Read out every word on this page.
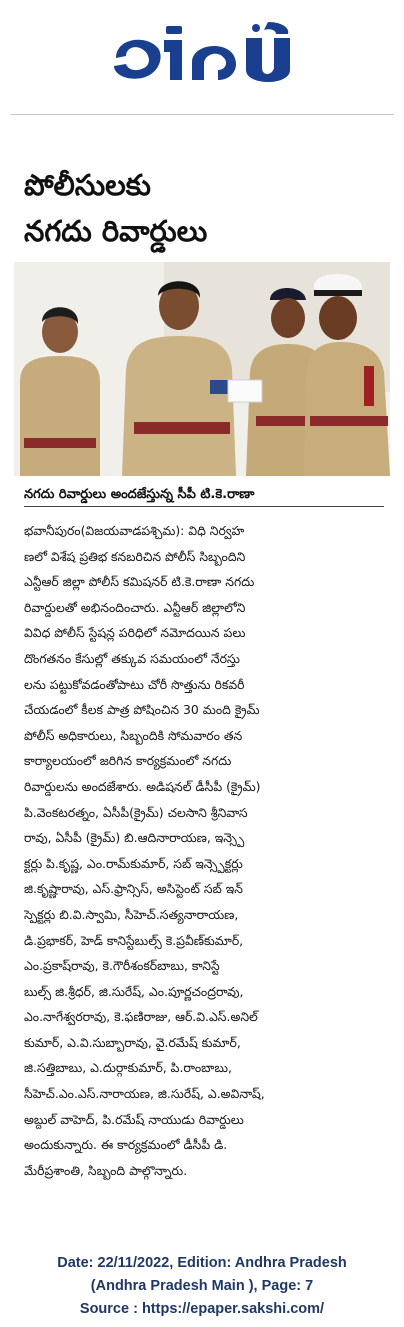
పోలీసులకు
నగదు రివార్డులు
నగదు రివార్డులు అందజేస్తున్న సీపీ టి.కె.రాణా
భవానీపురం(విజయవాడపశ్చిమ): విధి నిర్వహ
ణలో విశేష ప్రతిభ కనబరిచిన పోలీస్ సిబ్బందిని
ఎన్టీఆర్ జిల్లా పోలీస్ కమిషనర్ టి.కె.రాణా నగదు
రివార్డులతో అభినందించారు. ఎన్టీఆర్ జిల్లాలోని
వివిధ పోలీస్ స్టేషన్ల పరిధిలో నమోదయిన పలు
దొంగతనం కేసుల్లో తక్కువ సమయంలో నేరస్తు
లను పట్టుకోవడంతోపాటు చోరీ సొత్తును రికవరీ
చేయడంలో కీలక పాత్ర పోషించిన 30 మంది క్రైమ్
పోలీస్ అధికారులు, సిబ్బందికి సోమవారం తన
కార్యాలయంలో జరిగిన కార్యక్రమంలో నగదు
రివార్డులను అందజేశారు. అడిషనల్ డీసీపీ (క్రైమ్)
పి.వెంకటరత్నం, ఏసీపీ(క్రైమ్) చలసాని శ్రీనివాస
రావు, ఏసీపీ (క్రైమ్) బి.ఆదినారాయణ, ఇన్స్పె
క్టర్లు పి.కృష్ణ, ఎం.రామ్‌కుమార్, సబ్ ఇన్స్పెక్టర్లు
జి.కృష్ణారావు, ఎస్.ఫ్రాన్సిస్, అసిస్టెంట్ సబ్ ఇన్
స్పెక్టర్లు బి.వి.స్వామి, సీహెచ్.సత్యనారాయణ,
డి.ప్రభాకర్, హెడ్ కానిస్టేబుల్స్ కె.ప్రవీణ్‌కుమార్,
ఎం.ప్రకాష్‌రావు, కె.గౌరీశంకర్‌బాబు, కానిస్టే
బుల్స్ జి.శ్రీధర్, జి.సురేష్, ఎం.పూర్ణచంద్రరావు,
ఎం.నాగేశ్వరరావు, కె.ఫణిరాజు, ఆర్.వి.ఎస్.అనిల్
కుమార్, ఎ.వి.సుబ్బారావు, వై.రమేష్ కుమార్,
జి.సత్తిబాబు, ఎ.దుర్గాకుమార్, పి.రాంబాబు,
సీహెచ్.ఎం.ఎస్.నారాయణ, జి.సురేష్, ఎ.అవినాష్,
అబ్దుల్ వాహెద్, పి.రమేష్ నాయుడు రివార్డులు
అందుకున్నారు. ఈ కార్యక్రమంలో డీసీపీ డి.
మేరీప్రశాంతి, సిబ్బంది పాల్గొన్నారు.
Date: 22/11/2022, Edition: Andhra Pradesh
(Andhra Pradesh Main ), Page: 7
Source : https://epaper.sakshi.com/
